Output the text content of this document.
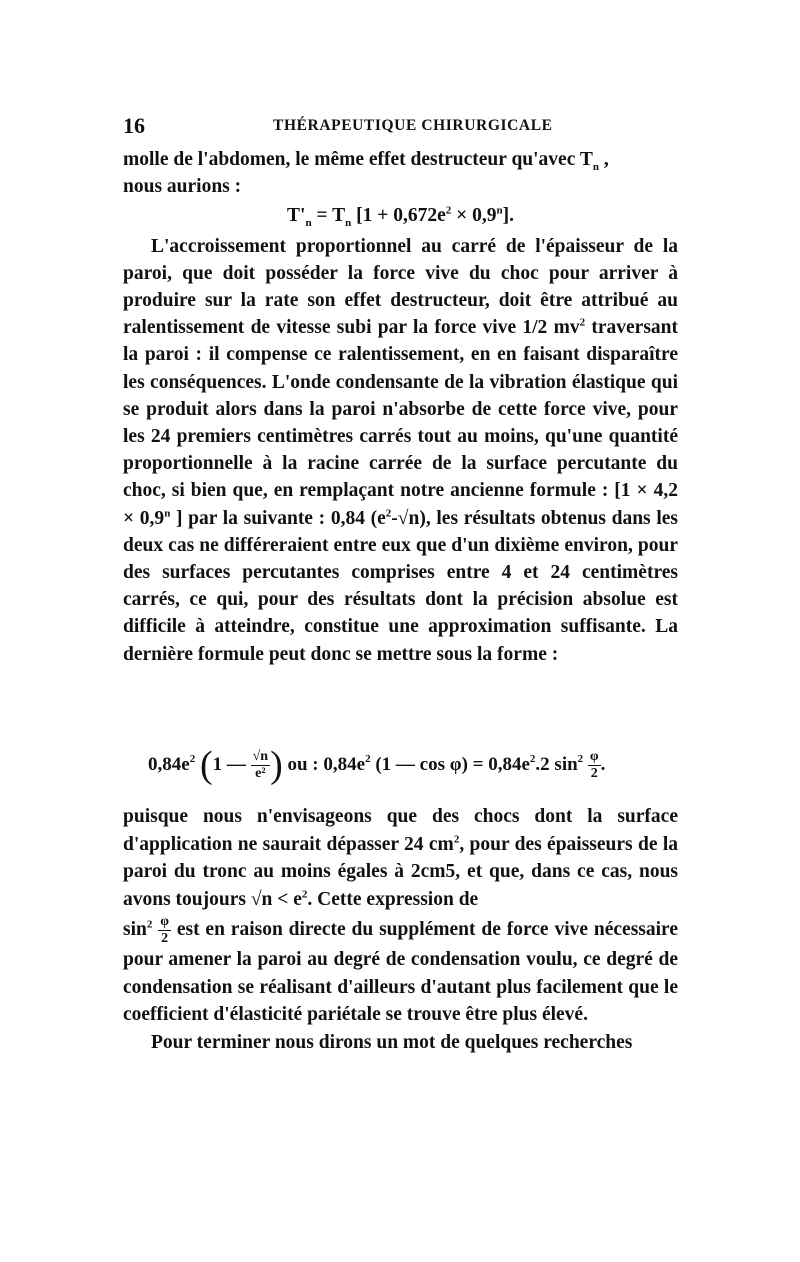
16	THÉRAPEUTIQUE CHIRURGICALE

molle de l'abdomen, le même effet destructeur qu'avec $T_n$ ,
nous aurions :

$T'_n = T_n$ $[1 + 0,672e^2 \times 0,9^n]$.

L'accroissement proportionnel au carré de l'épaisseur de la paroi, que doit posséder la force vive du choc pour arriver à produire sur la rate son effet destructeur, doit être attribué au ralentissement de vitesse subi par la force vive 1/2 $mv^2$ traversant la paroi : il compense ce ralentissement, en en faisant disparaître les conséquences. L'onde condensante de la vibration élastique qui se produit alors dans la paroi n'absorbe de cette force vive, pour les 24 premiers centimètres carrés tout au moins, qu'une quantité proportionnelle à la racine carrée de la surface percutante du choc, si bien que, en remplaçant notre ancienne formule : [$1 \times 4,2 \times 0,9^n$ ] par la suivante : 0,84 $(e^2-√n)$, les résultats obtenus dans les deux cas ne différeraient entre eux que d'un dixième environ, pour des surfaces percutantes comprises entre 4 et 24 centimètres carrés, ce qui, pour des résultats dont la précision absolue est difficile à atteindre, constitue une approximation suffisante. La dernière formule peut donc se mettre sous la forme :

$0,84e^2$ (1 — $\frac{√n}{\text{e²}}$ ) ou : $0,84e^2$ (1 — $\cos \varphi) = 0,84e^2.2$ $\sin^2 \frac{\varphi}{2}$ .

puisque nous n'envisageons que des chocs dont la surface d'application ne saurait dépasser 24 $cm^2$, pour des épaisseurs de la paroi du tronc au moins égales à 2cm5, et que, dans ce cas, nous avons toujours $√n < e^2$. Cette expression de

$\sin^2 \frac{\varphi}{2}$ est en raison directe du supplément de force vive nécessaire pour amener la paroi au degré de condensation voulu, ce degré de condensation se réalisant d'ailleurs d'autant plus facilement que le coefficient d'élasticité pariétale se trouve être plus élevé.

Pour terminer nous dirons un mot de quelques recherches
